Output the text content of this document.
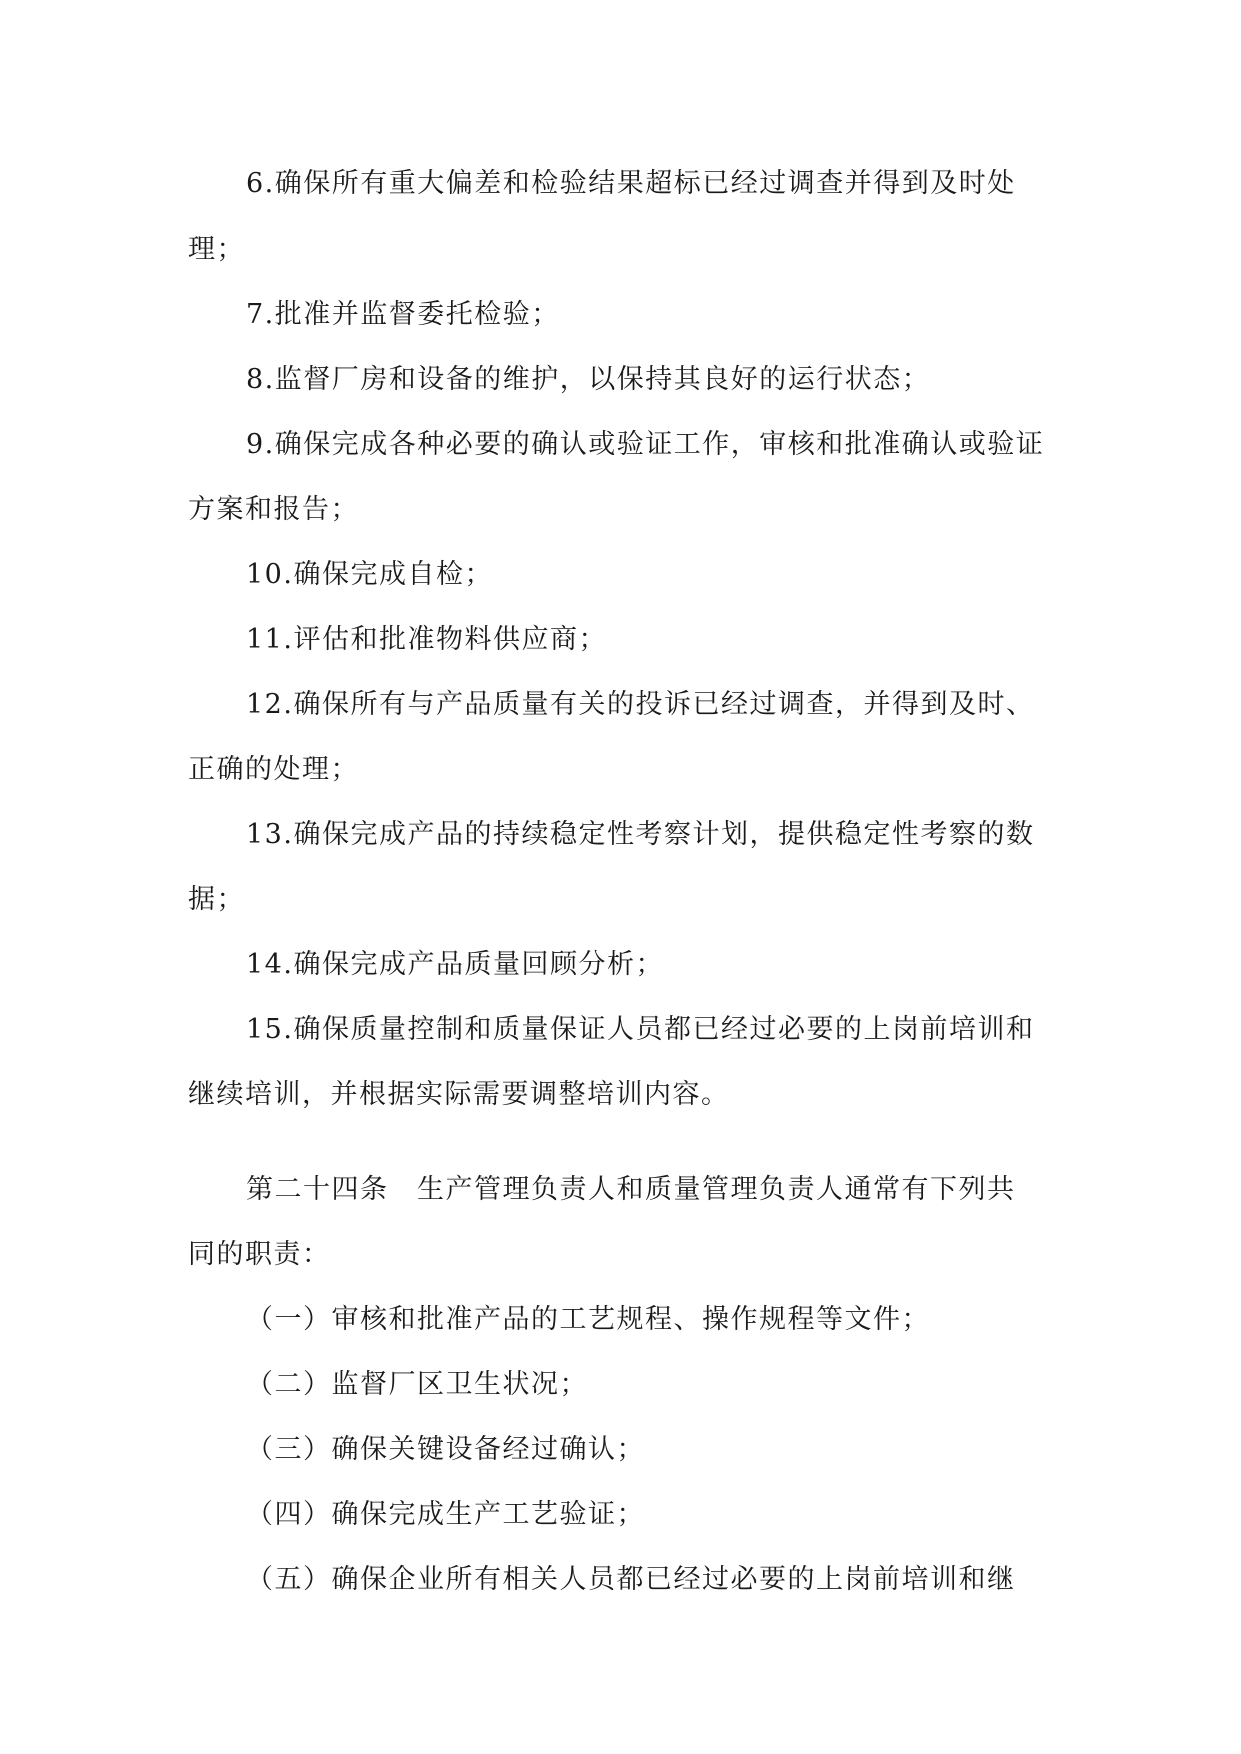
6.确保所有重大偏差和检验结果超标已经过调查并得到及时处
理；
7.批准并监督委托检验；
8.监督厂房和设备的维护，以保持其良好的运行状态；
9.确保完成各种必要的确认或验证工作，审核和批准确认或验证
方案和报告；
10.确保完成自检；
11.评估和批准物料供应商；
12.确保所有与产品质量有关的投诉已经过调查，并得到及时、
正确的处理；
13.确保完成产品的持续稳定性考察计划，提供稳定性考察的数
据；
14.确保完成产品质量回顾分析；
15.确保质量控制和质量保证人员都已经过必要的上岗前培训和
继续培训，并根据实际需要调整培训内容。
第二十四条　生产管理负责人和质量管理负责人通常有下列共
同的职责：
（一）审核和批准产品的工艺规程、操作规程等文件；
（二）监督厂区卫生状况；
（三）确保关键设备经过确认；
（四）确保完成生产工艺验证；
（五）确保企业所有相关人员都已经过必要的上岗前培训和继
